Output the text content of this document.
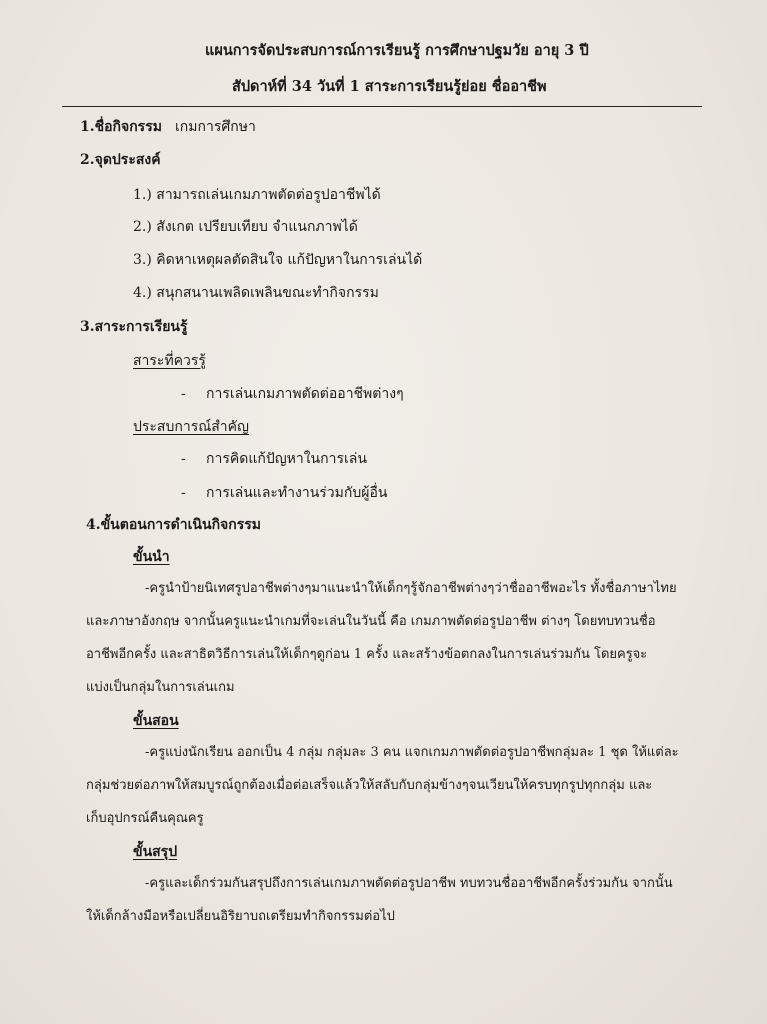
แผนการจัดประสบการณ์การเรียนรู้ การศึกษาปฐมวัย อายุ 3 ปี
สัปดาห์ที่ 34 วันที่ 1 สาระการเรียนรู้ย่อย ชื่ออาชีพ
1.ชื่อกิจกรรม เกมการศึกษา
2.จุดประสงค์
1.) สามารถเล่นเกมภาพตัดต่อรูปอาชีพได้
2.) สังเกต เปรียบเทียบ จำแนกภาพได้
3.) คิดหาเหตุผลตัดสินใจ แก้ปัญหาในการเล่นได้
4.) สนุกสนานเพลิดเพลินขณะทำกิจกรรม
3.สาระการเรียนรู้
สาระที่ควรรู้
- การเล่นเกมภาพตัดต่ออาชีพต่างๆ
ประสบการณ์สำคัญ
- การคิดแก้ปัญหาในการเล่น
- การเล่นและทำงานร่วมกับผู้อื่น
4.ขั้นตอนการดำเนินกิจกรรม
ขั้นนำ
-ครูนำป้ายนิเทศรูปอาชีพต่างๆมาแนะนำให้เด็กๆรู้จักอาชีพต่างๆว่าชื่ออาชีพอะไร ทั้งชื่อภาษาไทย
และภาษาอังกฤษ จากนั้นครูแนะนำเกมที่จะเล่นในวันนี้ คือ เกมภาพตัดต่อรูปอาชีพ ต่างๆ โดยทบทวนชื่อ
อาชีพอีกครั้ง และสาธิตวิธีการเล่นให้เด็กๆดูก่อน 1 ครั้ง และสร้างข้อตกลงในการเล่นร่วมกัน โดยครูจะ
แบ่งเป็นกลุ่มในการเล่นเกม
ขั้นสอน
-ครูแบ่งนักเรียน ออกเป็น 4 กลุ่ม กลุ่มละ 3 คน แจกเกมภาพตัดต่อรูปอาชีพกลุ่มละ 1 ชุด ให้แต่ละ
กลุ่มช่วยต่อภาพให้สมบูรณ์ถูกต้องเมื่อต่อเสร็จแล้วให้สลับกับกลุ่มข้างๆจนเวียนให้ครบทุกรูปทุกกลุ่ม และ
เก็บอุปกรณ์คืนคุณครู
ขั้นสรุป
-ครูและเด็กร่วมกันสรุปถึงการเล่นเกมภาพตัดต่อรูปอาชีพ ทบทวนชื่ออาชีพอีกครั้งร่วมกัน จากนั้น
ให้เด็กล้างมือหรือเปลี่ยนอิริยาบถเตรียมทำกิจกรรมต่อไป
